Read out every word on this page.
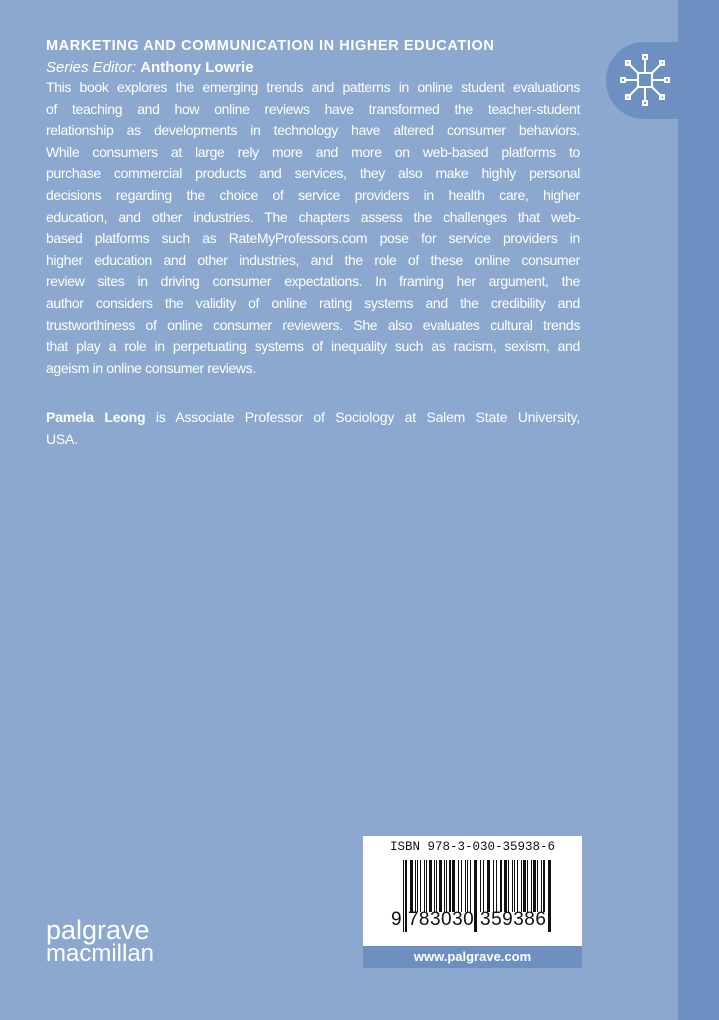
MARKETING AND COMMUNICATION IN HIGHER EDUCATION
Series Editor: Anthony Lowrie
This book explores the emerging trends and patterns in online student evaluations
of teaching and how online reviews have transformed the teacher-student
relationship as developments in technology have altered consumer behaviors.
While consumers at large rely more and more on web-based platforms to
purchase commercial products and services, they also make highly personal
decisions regarding the choice of service providers in health care, higher
education, and other industries. The chapters assess the challenges that web-
based platforms such as RateMyProfessors.com pose for service providers in
higher education and other industries, and the role of these online consumer
review sites in driving consumer expectations. In framing her argument, the
author considers the validity of online rating systems and the credibility and
trustworthiness of online consumer reviewers. She also evaluates cultural trends
that play a role in perpetuating systems of inequality such as racism, sexism, and
ageism in online consumer reviews.
Pamela Leong is Associate Professor of Sociology at Salem State University,
USA.
ISBN 978-3-030-35938-6
9 783030 359386
www.palgrave.com
palgrave
macmillan
